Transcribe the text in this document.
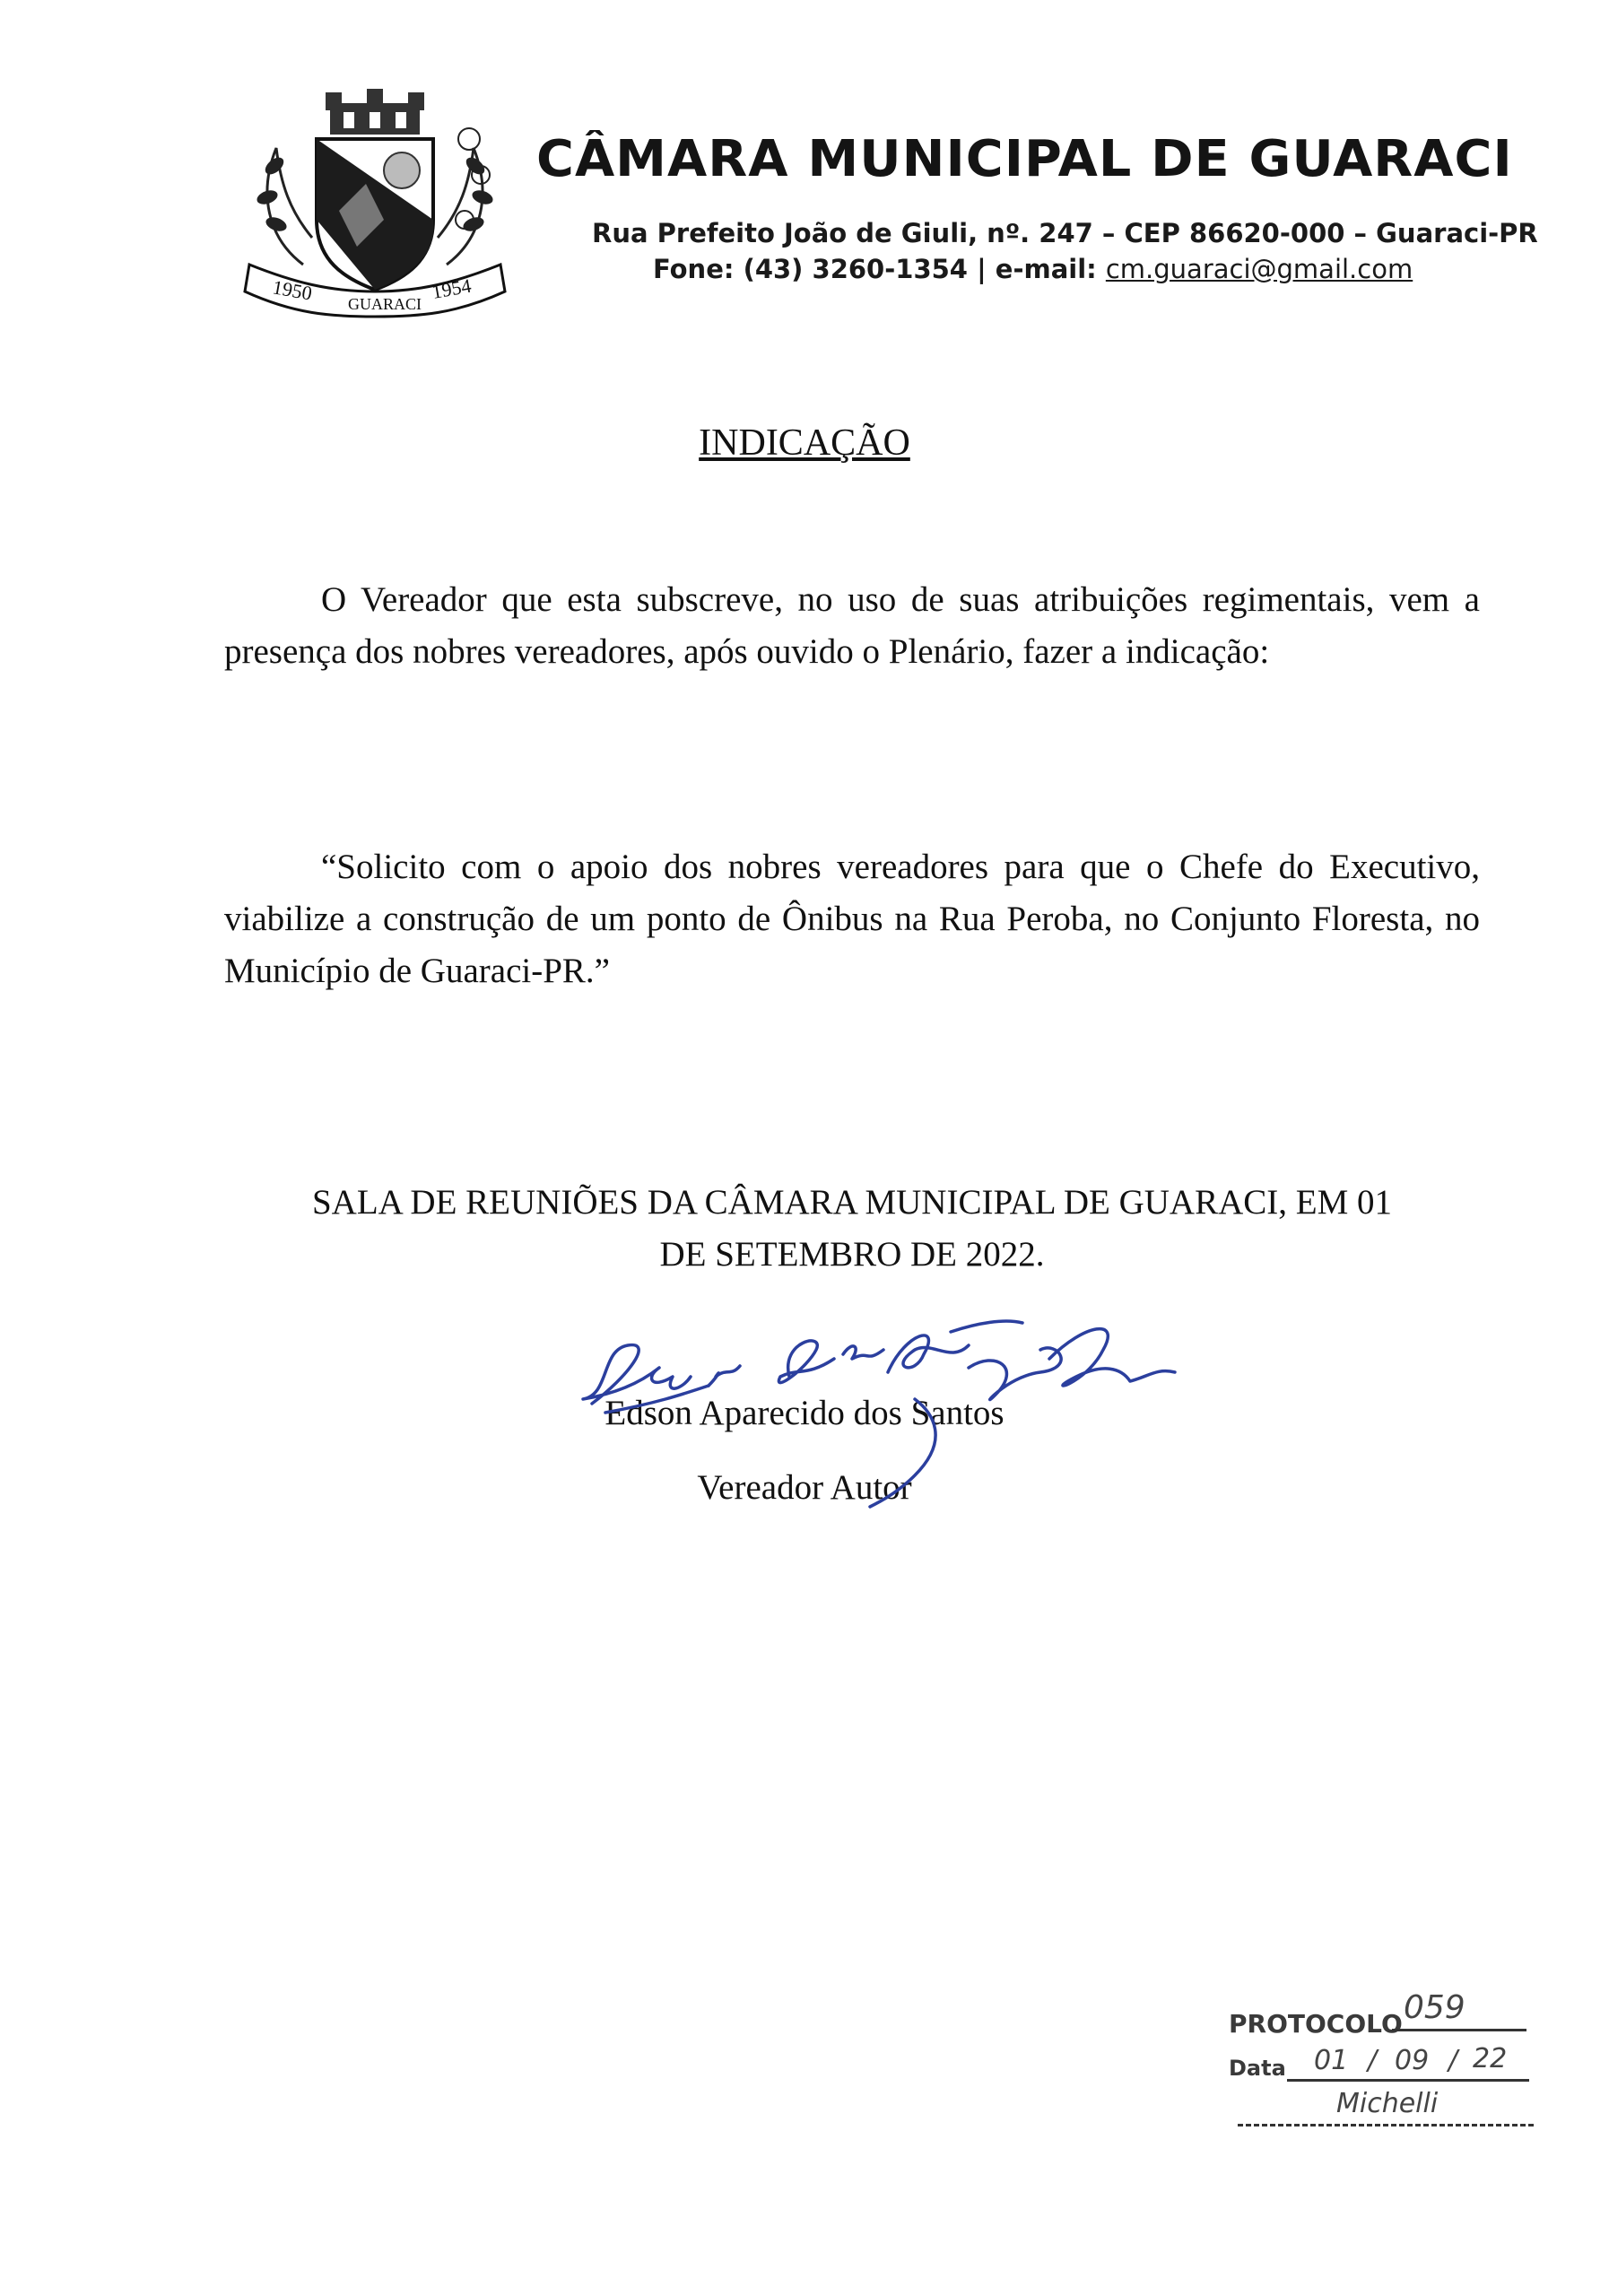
1950 GUARACI
1954
CÂMARA MUNICIPAL DE GUARACI
Rua Prefeito João de Giuli, nº. 247 – CEP 86620-000 – Guaraci-PR
Fone: (43) 3260-1354 | e-mail: cm.guaraci@gmail.com
INDICAÇÃO

O Vereador que esta subscreve, no uso de suas atribuições regimentais, vem a presença dos nobres vereadores, após ouvido o Plenário, fazer a indicação:

“Solicito com o apoio dos nobres vereadores para que o Chefe do Executivo, viabilize a construção de um ponto de Ônibus na Rua Peroba, no Conjunto Floresta, no Município de Guaraci-PR.”

SALA DE REUNIÕES DA CÂMARA MUNICIPAL DE GUARACI, EM 01
DE SETEMBRO DE 2022.
Edson Aparecido dos Santos
Vereador Autor
PROTOCOLO 059
Data 01 / 09 / 22
Michelli
